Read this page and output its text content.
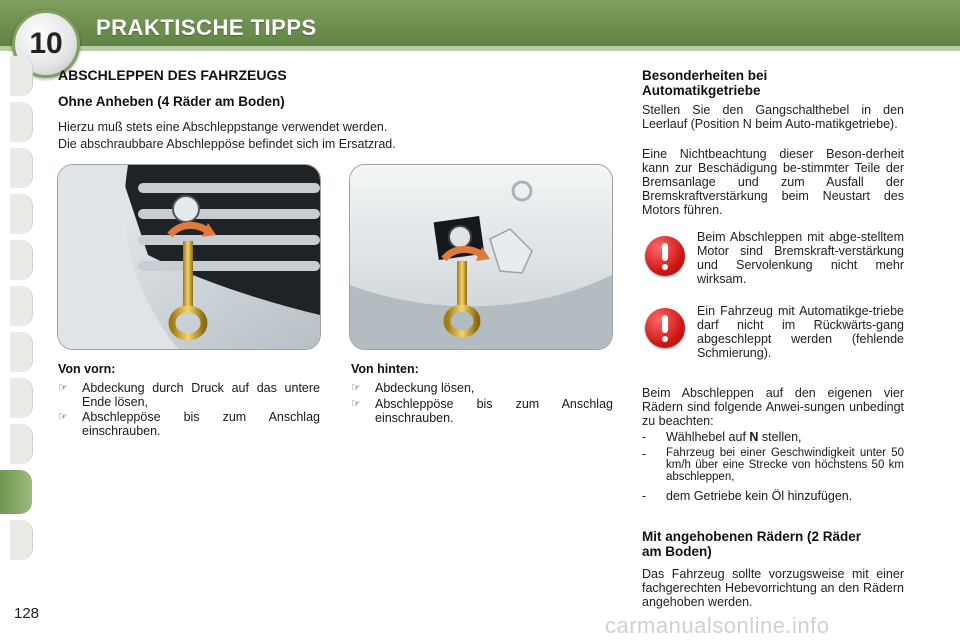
10	PRAKTISCHE TIPPS
ABSCHLEPPEN DES FAHRZEUGS
Ohne Anheben (4 Räder am Boden)
Hierzu muß stets eine Abschleppstange verwendet werden.
Die abschraubbare Abschleppöse befindet sich im Ersatzrad.
Von vorn:
☞	Abdeckung durch Druck auf das untere Ende lösen,
☞	Abschleppöse bis zum Anschlag einschrauben.
Von hinten:
☞	Abdeckung lösen,
☞	Abschleppöse bis zum Anschlag einschrauben.
Besonderheiten bei Automatikgetriebe
Stellen Sie den Gangschalthebel in den Leerlauf (Position N beim Auto-matikgetriebe).
Eine Nichtbeachtung dieser Beson-derheit kann zur Beschädigung be-stimmter Teile der Bremsanlage und zum Ausfall der Bremskraftverstärkung beim Neustart des Motors führen.
Beim Abschleppen mit abge-stelltem Motor sind Bremskraft-verstärkung und Servolenkung nicht mehr wirksam.
Ein Fahrzeug mit Automatikge-triebe darf nicht im Rückwärts-gang abgeschleppt werden (fehlende Schmierung).
Beim Abschleppen auf den eigenen vier Rädern sind folgende Anwei-sungen unbedingt zu beachten:
-	Wählhebel auf N stellen,
-	Fahrzeug bei einer Geschwindigkeit unter 50 km/h über eine Strecke von höchstens 50 km abschleppen,
-	dem Getriebe kein Öl hinzufügen.
Mit angehobenen Rädern (2 Räder am Boden)
Das Fahrzeug sollte vorzugsweise mit einer fachgerechten Hebevorrichtung an den Rädern angehoben werden.
128	carmanualsonline.info
